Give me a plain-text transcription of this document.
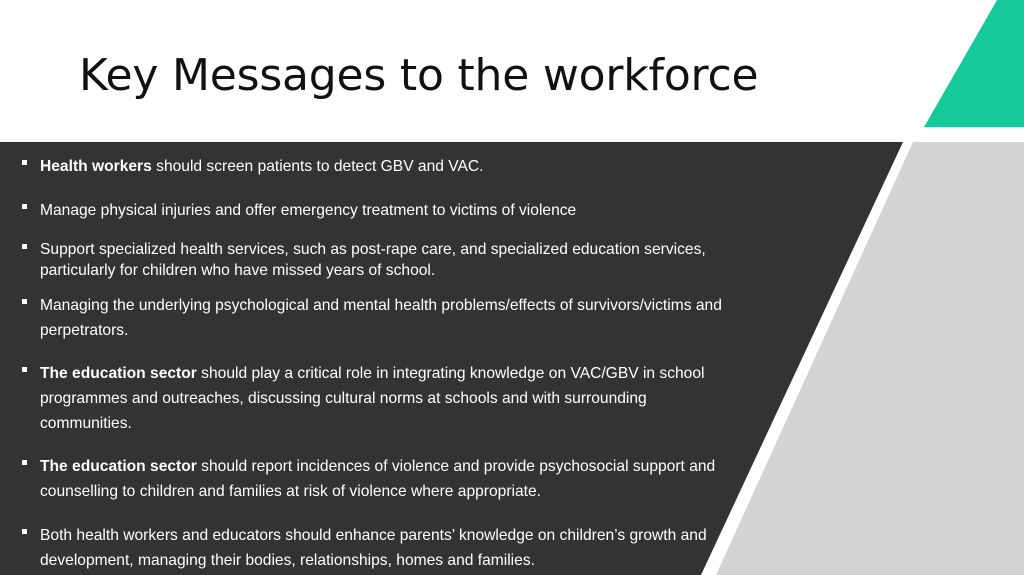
Key Messages to the workforce
Health workers should screen patients to detect GBV and VAC.
Manage physical injuries and offer emergency treatment to victims of violence
Support specialized health services, such as post-rape care, and specialized education services, particularly for children who have missed years of school.
Managing the underlying psychological and mental health problems/effects of survivors/victims and perpetrators.
The education sector should play a critical role in integrating knowledge on VAC/GBV in school programmes and outreaches, discussing cultural norms at schools and with surrounding communities.
The education sector should report incidences of violence and provide psychosocial support and counselling to children and families at risk of violence where appropriate.
Both health workers and educators should enhance parents’ knowledge on children’s growth and development, managing their bodies, relationships, homes and families.
